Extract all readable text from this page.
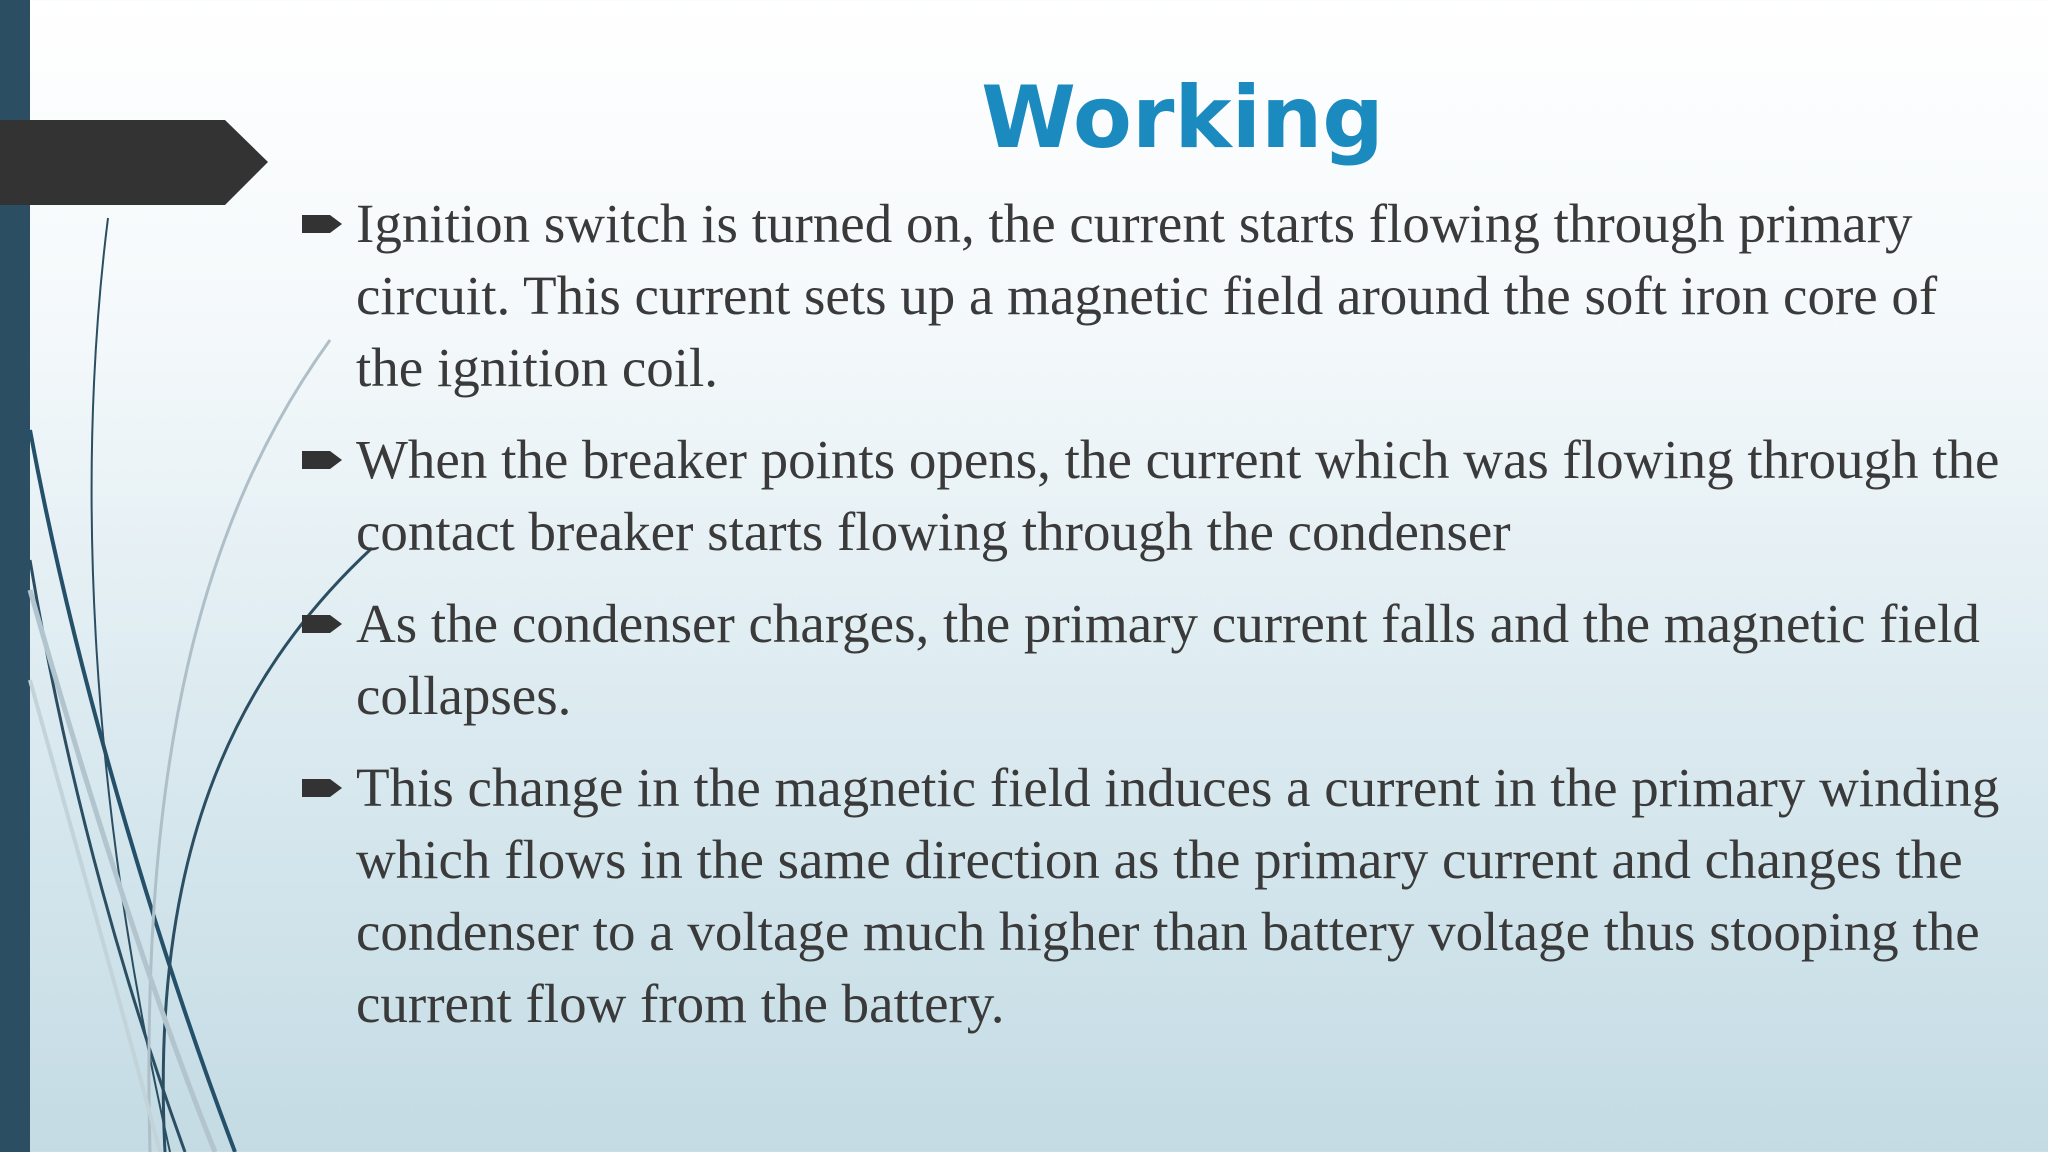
Working
Ignition switch is turned on, the current starts flowing through primary circuit. This current sets up a magnetic field around the soft iron core of the ignition coil.
When the breaker points opens, the current which was flowing through the contact breaker starts flowing through the condenser
As the condenser charges, the primary current falls and the magnetic field collapses.
This change in the magnetic field induces a current in the primary winding which flows in the same direction as the primary current and changes the condenser to a voltage much higher than battery voltage thus stooping the current flow from the battery.
